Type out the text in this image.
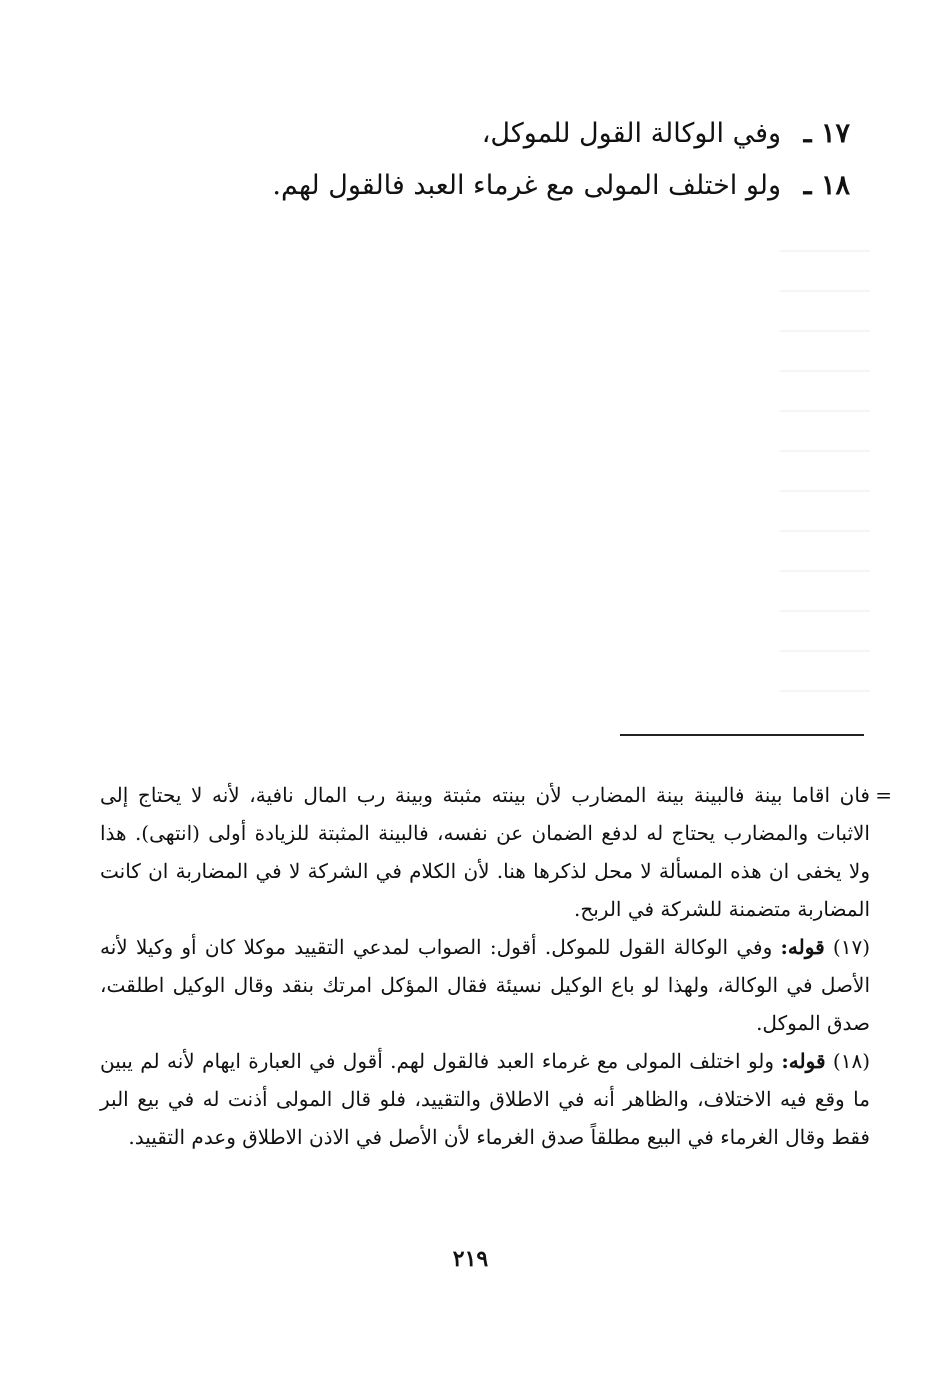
١٧ ـ وفي الوكالة القول للموكل،
١٨ ـ ولو اختلف المولى مع غرماء العبد فالقول لهم.

=
فان اقاما بينة فالبينة بينة المضارب لأن بينته مثبتة وبينة رب المال نافية، لأنه لا يحتاج إلى الاثبات والمضارب يحتاج له لدفع الضمان عن نفسه، فالبينة المثبتة للزيادة أولى (انتهى). هذا ولا يخفى ان هذه المسألة لا محل لذكرها هنا. لأن الكلام في الشركة لا في المضاربة ان كانت المضاربة متضمنة للشركة في الربح.

(١٧) قوله: وفي الوكالة القول للموكل. أقول: الصواب لمدعي التقييد موكلا كان أو وكيلا لأنه الأصل في الوكالة، ولهذا لو باع الوكيل نسيئة فقال المؤكل امرتك بنقد وقال الوكيل اطلقت، صدق الموكل.

(١٨) قوله: ولو اختلف المولى مع غرماء العبد فالقول لهم. أقول في العبارة ايهام لأنه لم يبين ما وقع فيه الاختلاف، والظاهر أنه في الاطلاق والتقييد، فلو قال المولى أذنت له في بيع البر فقط وقال الغرماء في البيع مطلقاً صدق الغرماء لأن الأصل في الاذن الاطلاق وعدم التقييد.

٢١٩
